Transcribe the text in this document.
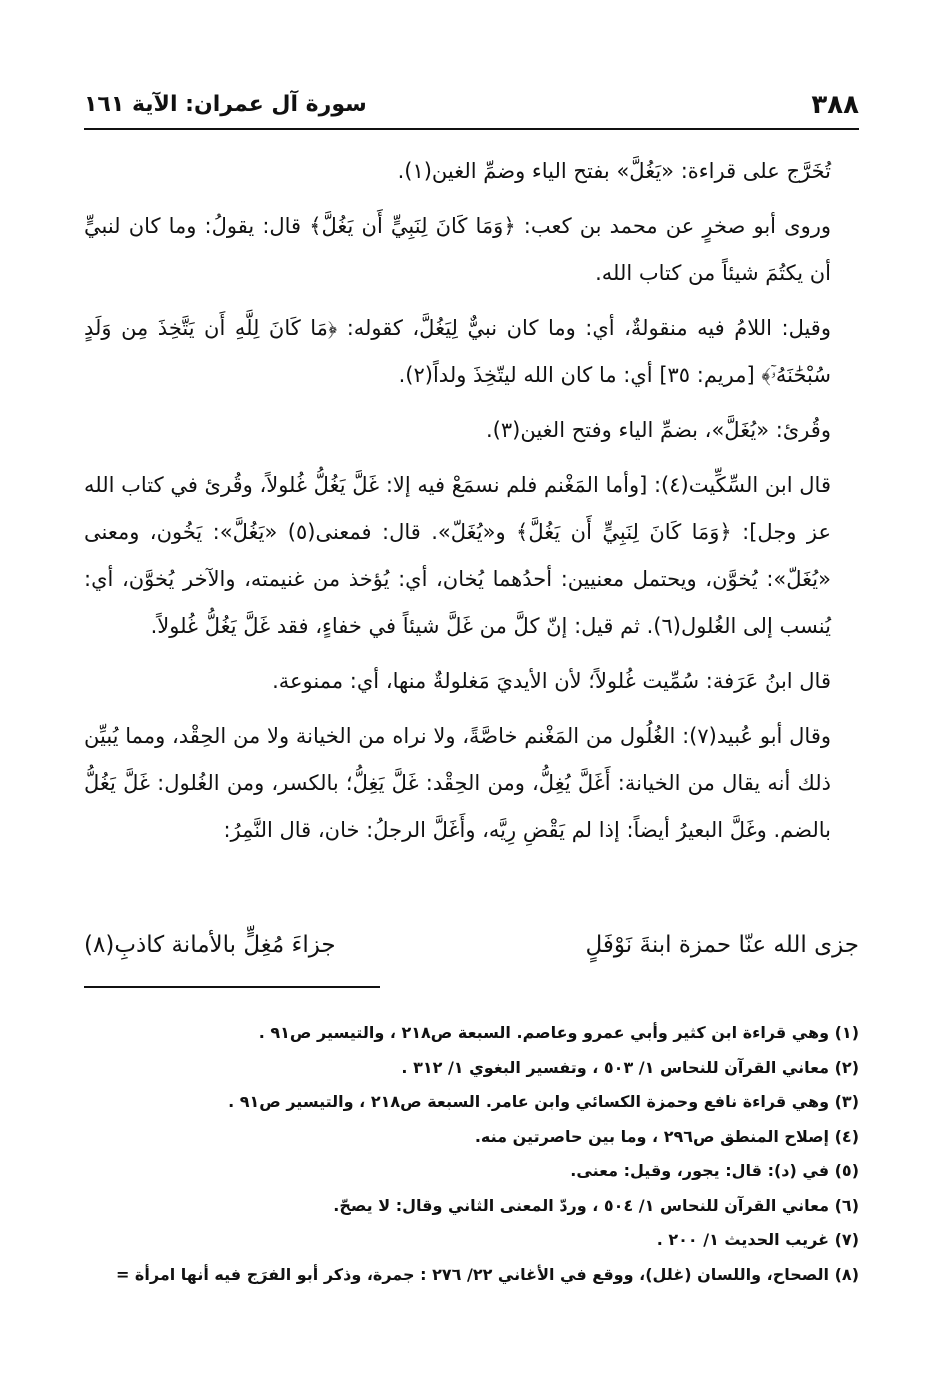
٣٨٨
سورة آل عمران: الآية ١٦١

تُخَرَّج على قراءة: «يَغُلَّ» بفتح الياء وضمِّ الغين(١).

وروى أبو صخرٍ عن محمد بن كعب: ﴿وَمَا كَانَ لِنَبِيٍّ أَن يَغُلَّ﴾ قال: يقولُ: وما كان لنبيٍّ أن يكتُمَ شيئاً من كتاب الله.

وقيل: اللامُ فيه منقولةٌ، أي: وما كان نبيٌّ لِيَغُلَّ، كقوله: ﴿مَا كَانَ لِلَّهِ أَن يَتَّخِذَ مِن وَلَدٍ سُبْحَٰنَهُۥٓ﴾ [مريم: ٣٥] أي: ما كان الله ليتّخِذَ ولداً(٢).

وقُرئ: «يُغَلَّ»، بضمِّ الياء وفتح الغين(٣).

قال ابن السِّكِّيت(٤): [وأما المَغْنم فلم نسمَعْ فيه إلا: غَلَّ يَغُلُّ غُلولاً، وقُرئ في كتاب الله عز وجل]: ﴿وَمَا كَانَ لِنَبِيٍّ أَن يَغُلَّ﴾ و«يُغَلّ». قال: فمعنى(٥) «يَغُلَّ»: يَخُون، ومعنى «يُغَلّ»: يُخوَّن، ويحتمل معنيين: أحدُهما يُخان، أي: يُؤخذ من غنيمته، والآخر يُخوَّن، أي: يُنسب إلى الغُلول(٦). ثم قيل: إنّ كلَّ من غَلَّ شيئاً في خفاءٍ، فقد غَلَّ يَغُلُّ غُلولاً.

قال ابنُ عَرَفة: سُمِّيت غُلولاً؛ لأن الأيديَ مَغلولةٌ منها، أي: ممنوعة.

وقال أبو عُبيد(٧): الغُلُول من المَغْنم خاصَّةً، ولا نراه من الخيانة ولا من الحِقْد، ومما يُبيِّن ذلك أنه يقال من الخيانة: أَغَلَّ يُغِلُّ، ومن الحِقْد: غَلَّ يَغِلُّ؛ بالكسر، ومن الغُلول: غَلَّ يَغُلُّ بالضم. وغَلَّ البعيرُ أيضاً: إذا لم يَقْضِ رِيَّه، وأَغَلَّ الرجلُ: خان، قال النَّمِرُ:

جزى الله عنّا حمزة ابنةَ نَوْفَلٍ
جزاءَ مُغِلٍّ بالأمانة كاذبِ(٨)
(١) وهي قراءة ابن كثير وأبي عمرو وعاصم. السبعة ص٢١٨ ، والتيسير ص٩١ .
(٢) معاني القرآن للنحاس ١/ ٥٠٣ ، وتفسير البغوي ١/ ٣١٢ .
(٣) وهي قراءة نافع وحمزة الكسائي وابن عامر. السبعة ص٢١٨ ، والتيسير ص٩١ .
(٤) إصلاح المنطق ص٢٩٦ ، وما بين حاصرتين منه.
(٥) في (د): قال: يجور، وقيل: معنى.
(٦) معاني القرآن للنحاس ١/ ٥٠٤ ، وردّ المعنى الثاني وقال: لا يصحّ.
(٧) غريب الحديث ١/ ٢٠٠ .
(٨) الصحاح، واللسان (غلل)، ووقع في الأغاني ٢٢/ ٢٧٦ : جمرة، وذكر أبو الفرَج فيه أنها امرأة =
